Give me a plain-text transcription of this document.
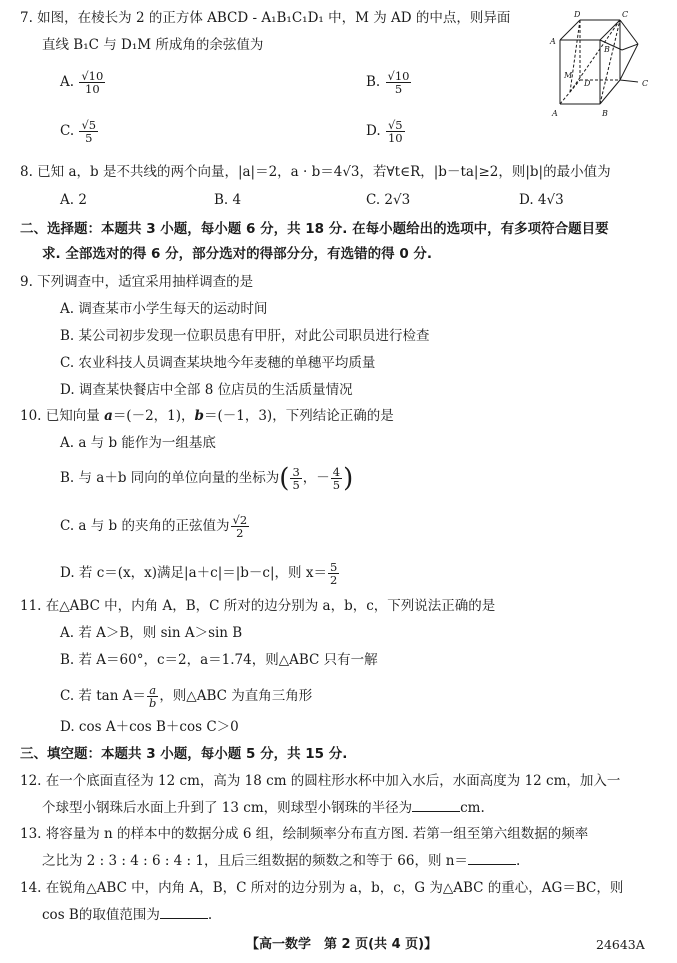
7. 如图，在棱长为 2 的正方体 ABCD - A₁B₁C₁D₁ 中，M 为 AD 的中点，则异面
直线 B₁C 与 D₁M 所成角的余弦值为
A. $\frac{√10}{10}$	B. $\frac{√10}{5}$
C. $\frac{√5}{5}$	D. $\frac{√5}{10}$
D	C
A
B
M
D	C
A	B
8. 已知 a，b 是不共线的两个向量，|a|＝2，a · b＝4√3，若∀t∈R，|b－ta|≥2，则|b|的最小值为
A. 2	B. 4	C. 2√3	D. 4√3
二、选择题：本题共 3 小题，每小题 6 分，共 18 分. 在每小题给出的选项中，有多项符合题目要
求. 全部选对的得 6 分，部分选对的得部分分，有选错的得 0 分.
9. 下列调查中，适宜采用抽样调查的是
A. 调查某市小学生每天的运动时间
B. 某公司初步发现一位职员患有甲肝，对此公司职员进行检查
C. 农业科技人员调查某块地今年麦穗的单穗平均质量
D. 调查某快餐店中全部 8 位店员的生活质量情况
10. 已知向量 a＝(－2，1)，b＝(－1，3)，下列结论正确的是
A. a 与 b 能作为一组基底
B. 与 a＋b 同向的单位向量的坐标为( $\frac{3}{5}$ ，－ $\frac{4}{5}$ )
C. a 与 b 的夹角的正弦值为 $\frac{√2}{2}$
D. 若 c＝(x，x)满足|a＋c|＝|b－c|，则 $x= \frac{5}{2}$
11. 在△ABC 中，内角 A，B，C 所对的边分别为 a，b，c，下列说法正确的是
A. 若 A＞B，则 sin A＞sin B
B. 若 A＝60°，c＝2，a＝1.74，则△ABC 只有一解
C. 若 $\tan A= \frac{a}{b}$ ，则△ABC 为直角三角形
D. cos A＋cos B＋cos C＞0
三、填空题：本题共 3 小题，每小题 5 分，共 15 分.
12. 在一个底面直径为 12 cm，高为 18 cm 的圆柱形水杯中加入水后，水面高度为 12 cm，加入一
个球型小钢珠后水面上升到了 13 cm，则球型小钢珠的半径为	cm.
13. 将容量为 n 的样本中的数据分成 6 组，绘制频率分布直方图. 若第一组至第六组数据的频率
之比为 2 : 3 : 4 : 6 : 4 : 1，且后三组数据的频数之和等于 66，则 n＝	.
14. 在锐角△ABC 中，内角 A，B，C 所对的边分别为 a，b，c，G 为△ABC 的重心，AG＝BC，则
cos B的取值范围为	.
【高一数学　第 2 页(共 4 页)】	24643A
